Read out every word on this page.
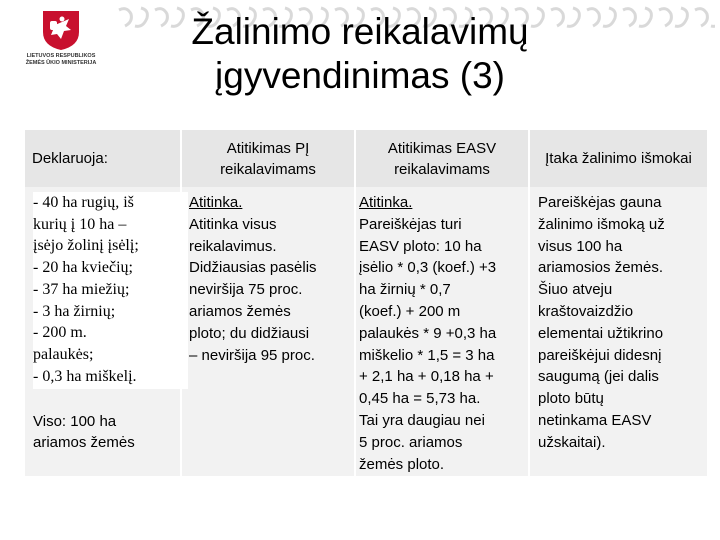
LIETUVOS RESPUBLIKOS
ŽEMĖS ŪKIO MINISTERIJA
Žalinimo reikalavimų
įgyvendinimas (3)
Deklaruoja:
Atitikimas PĮ reikalavimams
Atitikimas EASV reikalavimams
Įtaka žalinimo išmokai
- 40 ha rugių, iš
kurių į 10 ha –
įsėjo žolinį įsėlį;
- 20 ha kviečių;
- 37 ha miežių;
- 3 ha žirnių;
- 200 m.
palaukės;
- 0,3 ha miškelį.
Viso: 100 ha
ariamos žemės
Atitinka.
Atitinka visus
reikalavimus.
Didžiausias pasėlis
neviršija 75 proc.
ariamos žemės
ploto; du didžiausi
– neviršija 95 proc.
Atitinka.
Pareiškėjas turi
EASV ploto: 10 ha
įsėlio * 0,3 (koef.) +3
ha žirnių * 0,7
(koef.) + 200 m
palaukės * 9 +0,3 ha
miškelio * 1,5 = 3 ha
+ 2,1 ha + 0,18 ha +
0,45 ha = 5,73 ha.
Tai yra daugiau nei
5 proc. ariamos
žemės ploto.
Pareiškėjas gauna
žalinimo išmoką už
visus 100 ha
ariamosios žemės.
Šiuo atveju
kraštovaizdžio
elementai užtikrino
pareiškėjui didesnį
saugumą (jei dalis
ploto būtų
netinkama EASV
užskaitai).
